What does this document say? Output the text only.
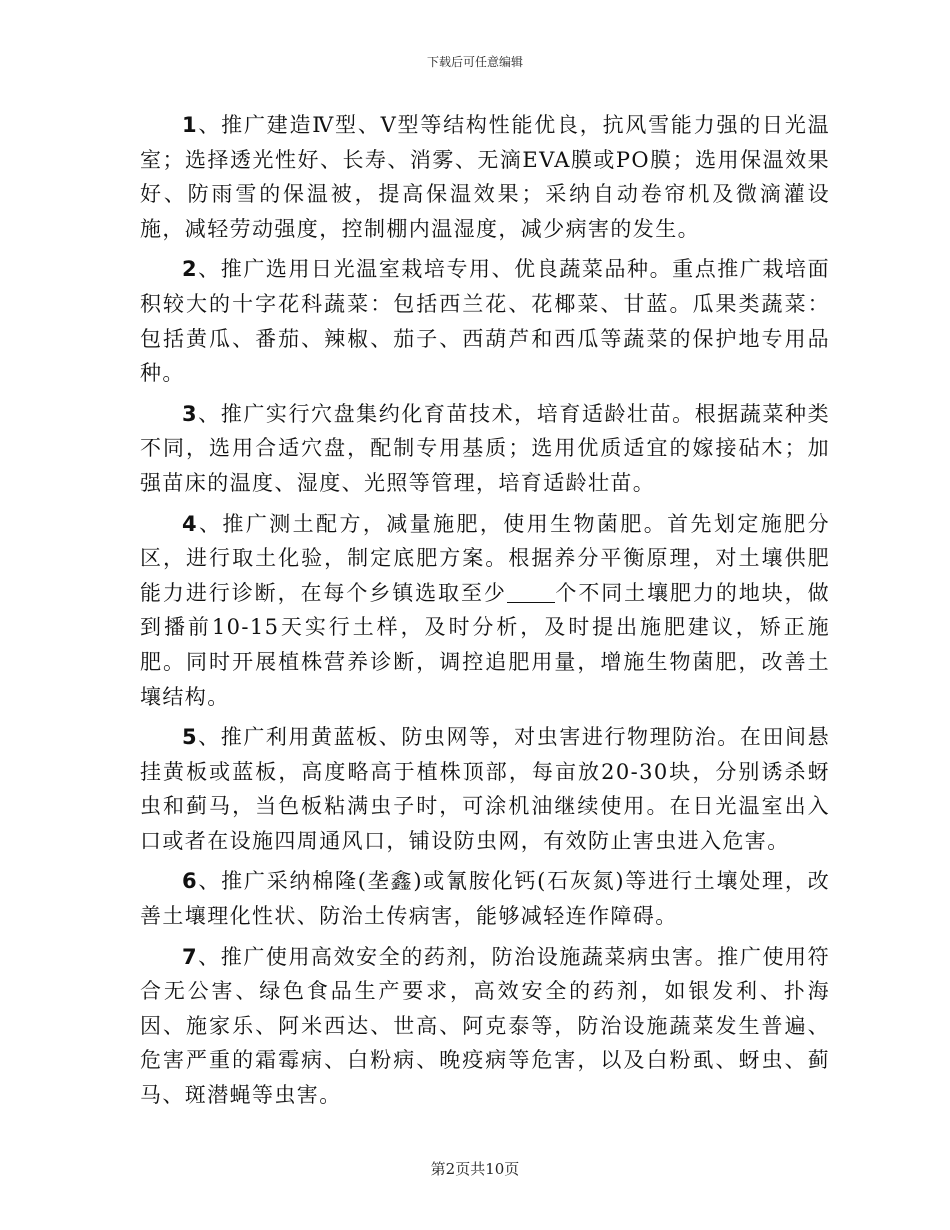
下载后可任意编辑

1、推广建造Ⅳ型、Ⅴ型等结构性能优良，抗风雪能力强的日光温室；选择透光性好、长寿、消雾、无滴EVA膜或PO膜；选用保温效果好、防雨雪的保温被，提高保温效果；采纳自动卷帘机及微滴灌设施，减轻劳动强度，控制棚内温湿度，减少病害的发生。

2、推广选用日光温室栽培专用、优良蔬菜品种。重点推广栽培面积较大的十字花科蔬菜：包括西兰花、花椰菜、甘蓝。瓜果类蔬菜：包括黄瓜、番茄、辣椒、茄子、西葫芦和西瓜等蔬菜的保护地专用品种。

3、推广实行穴盘集约化育苗技术，培育适龄壮苗。根据蔬菜种类不同，选用合适穴盘，配制专用基质；选用优质适宜的嫁接砧木；加强苗床的温度、湿度、光照等管理，培育适龄壮苗。

4、推广测土配方，减量施肥，使用生物菌肥。首先划定施肥分区，进行取土化验，制定底肥方案。根据养分平衡原理，对土壤供肥能力进行诊断，在每个乡镇选取至少 个不同土壤肥力的地块，做到播前10-15天实行土样，及时分析，及时提出施肥建议，矫正施肥。同时开展植株营养诊断，调控追肥用量，增施生物菌肥，改善土壤结构。

5、推广利用黄蓝板、防虫网等，对虫害进行物理防治。在田间悬挂黄板或蓝板，高度略高于植株顶部，每亩放20-30块，分别诱杀蚜虫和蓟马，当色板粘满虫子时，可涂机油继续使用。在日光温室出入口或者在设施四周通风口，铺设防虫网，有效防止害虫进入危害。

6、推广采纳棉隆(垄鑫)或氰胺化钙(石灰氮)等进行土壤处理，改善土壤理化性状、防治土传病害，能够减轻连作障碍。

7、推广使用高效安全的药剂，防治设施蔬菜病虫害。推广使用符合无公害、绿色食品生产要求，高效安全的药剂，如银发利、扑海因、施家乐、阿米西达、世高、阿克泰等，防治设施蔬菜发生普遍、危害严重的霜霉病、白粉病、晚疫病等危害，以及白粉虱、蚜虫、蓟马、斑潜蝇等虫害。

第2页共10页
